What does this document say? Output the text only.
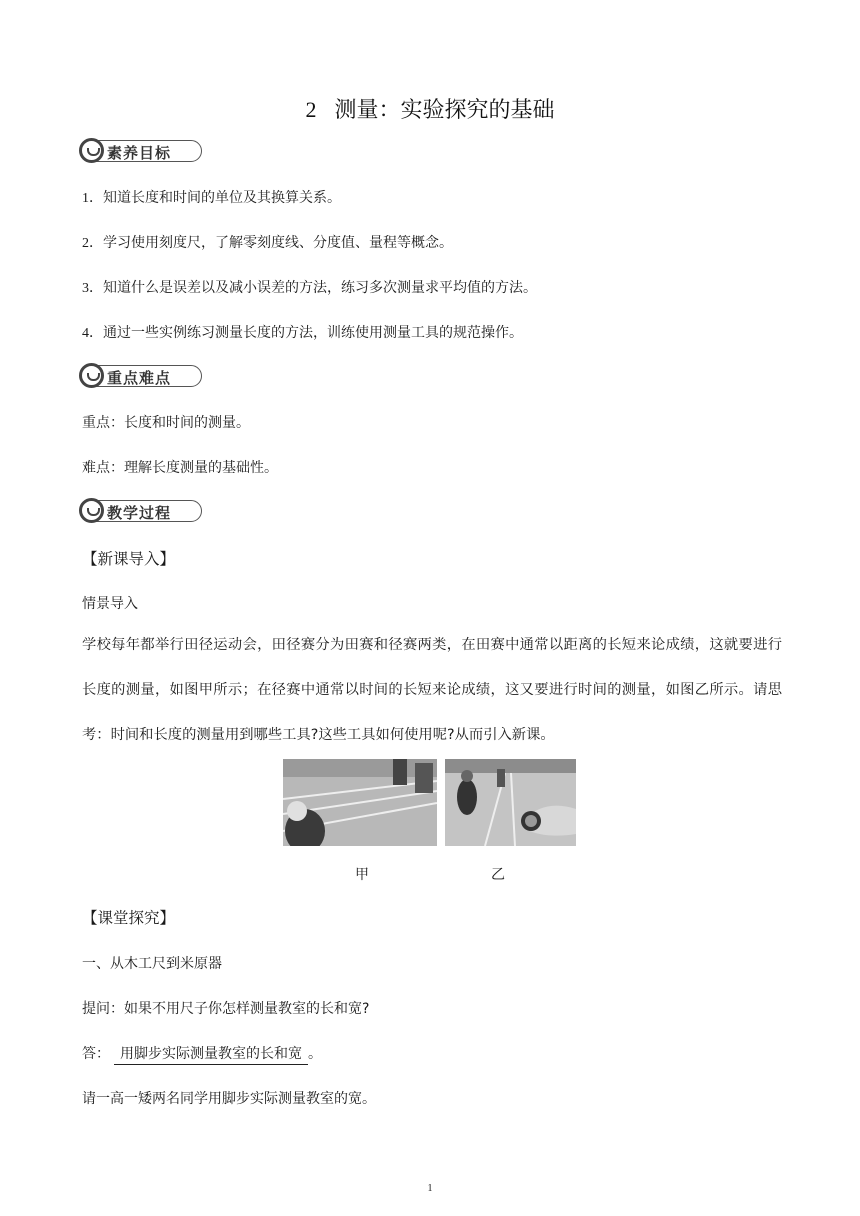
2 测量：实验探究的基础
素养目标
1．知道长度和时间的单位及其换算关系。
2．学习使用刻度尺，了解零刻度线、分度值、量程等概念。
3．知道什么是误差以及减小误差的方法，练习多次测量求平均值的方法。
4．通过一些实例练习测量长度的方法，训练使用测量工具的规范操作。
重点难点
重点：长度和时间的测量。
难点：理解长度测量的基础性。
教学过程
【新课导入】
情景导入
学校每年都举行田径运动会，田径赛分为田赛和径赛两类，在田赛中通常以距离的长短来论成绩，这就要进行长度的测量，如图甲所示；在径赛中通常以时间的长短来论成绩，这又要进行时间的测量，如图乙所示。请思考：时间和长度的测量用到哪些工具?这些工具如何使用呢?从而引入新课。
甲	乙
【课堂探究】
一、从木工尺到米原器
提问：如果不用尺子你怎样测量教室的长和宽?
答： 用脚步实际测量教室的长和宽 。
请一高一矮两名同学用脚步实际测量教室的宽。
1
